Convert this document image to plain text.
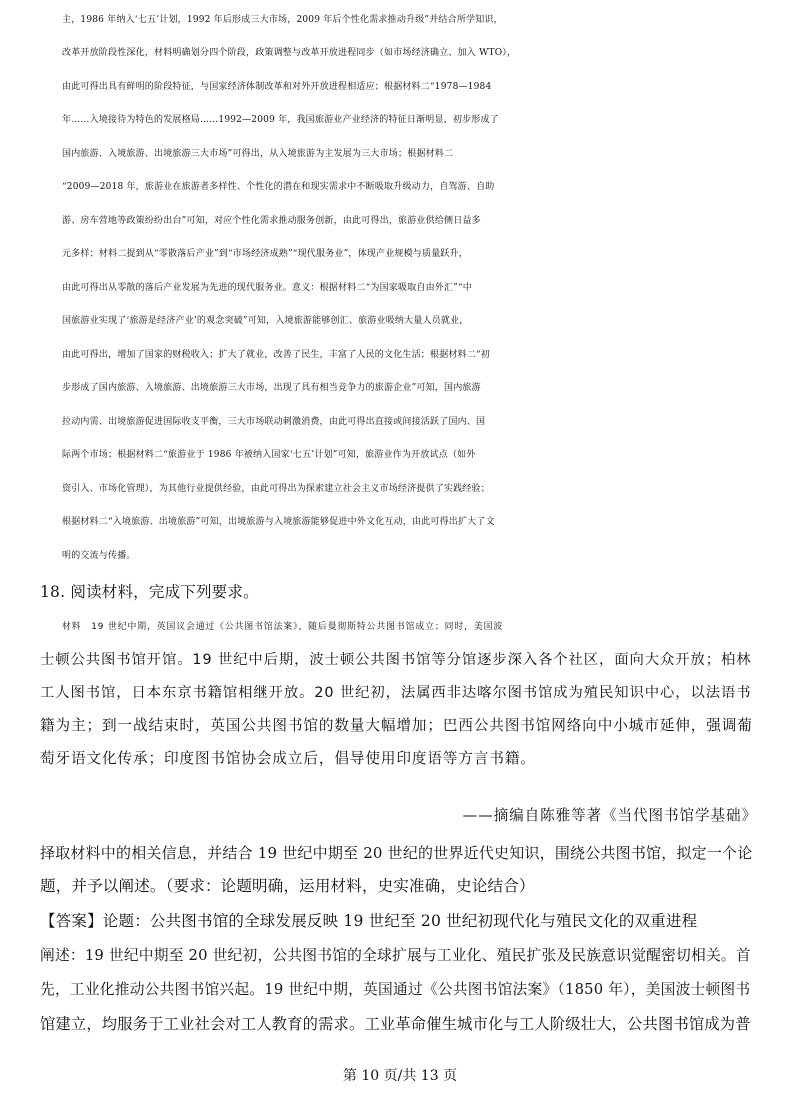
主，1986 年纳入‘七五’计划，1992 年后形成三大市场，2009 年后个性化需求推动升级”并结合所学知识，
改革开放阶段性深化，材料明确划分四个阶段，政策调整与改革开放进程同步（如市场经济确立、加入 WTO），
由此可得出具有鲜明的阶段特征，与国家经济体制改革和对外开放进程相适应；根据材料二“1978—1984
年……入境接待为特色的发展格局……1992—2009 年，我国旅游业产业经济的特征日渐明显，初步形成了
国内旅游、入境旅游、出境旅游三大市场”可得出，从入境旅游为主发展为三大市场；根据材料二
“2009—2018 年，旅游业在旅游者多样性、个性化的潜在和现实需求中不断吸取升级动力，自驾游、自助
游、房车营地等政策纷纷出台”可知，对应个性化需求推动服务创新，由此可得出，旅游业供给侧日益多
元多样；材料二提到从“零散落后产业”到“市场经济成熟”“现代服务业”，体现产业规模与质量跃升，
由此可得出从零散的落后产业发展为先进的现代服务业。意义：根据材料二“为国家吸取自由外汇”“中
国旅游业实现了‘旅游是经济产业’的观念突破”可知，入境旅游能够创汇、旅游业吸纳大量人员就业，
由此可得出，增加了国家的财税收入；扩大了就业，改善了民生，丰富了人民的文化生活；根据材料二“初
步形成了国内旅游、入境旅游、出境旅游三大市场，出现了具有相当竞争力的旅游企业”可知，国内旅游
拉动内需、出境旅游促进国际收支平衡，三大市场联动刺激消费，由此可得出直接或间接活跃了国内、国
际两个市场；根据材料二“旅游业于 1986 年被纳入国家‘七五’计划”可知，旅游业作为开放试点（如外
资引入、市场化管理），为其他行业提供经验，由此可得出为探索建立社会主义市场经济提供了实践经验；
根据材料二“入境旅游、出境旅游”可知，出境旅游与入境旅游能够促进中外文化互动，由此可得出扩大了文
明的交流与传播。
18. 阅读材料，完成下列要求。
材料　19 世纪中期，英国议会通过《公共图书馆法案》，随后曼彻斯特公共图书馆成立；同时，美国波
士顿公共图书馆开馆。19 世纪中后期，波士顿公共图书馆等分馆逐步深入各个社区，面向大众开放；柏林
工人图书馆，日本东京书籍馆相继开放。20 世纪初，法属西非达喀尔图书馆成为殖民知识中心，以法语书
籍为主；到一战结束时，英国公共图书馆的数量大幅增加；巴西公共图书馆网络向中小城市延伸，强调葡
萄牙语文化传承；印度图书馆协会成立后，倡导使用印度语等方言书籍。
——摘编自陈雅等著《当代图书馆学基础》
择取材料中的相关信息，并结合 19 世纪中期至 20 世纪的世界近代史知识，围绕公共图书馆，拟定一个论
题，并予以阐述。（要求：论题明确，运用材料，史实准确，史论结合）
【答案】论题：公共图书馆的全球发展反映 19 世纪至 20 世纪初现代化与殖民文化的双重进程
阐述：19 世纪中期至 20 世纪初，公共图书馆的全球扩展与工业化、殖民扩张及民族意识觉醒密切相关。首
先，工业化推动公共图书馆兴起。19 世纪中期，英国通过《公共图书馆法案》（1850 年），美国波士顿图书
馆建立，均服务于工业社会对工人教育的需求。工业革命催生城市化与工人阶级壮大，公共图书馆成为普
第 10 页/共 13 页
